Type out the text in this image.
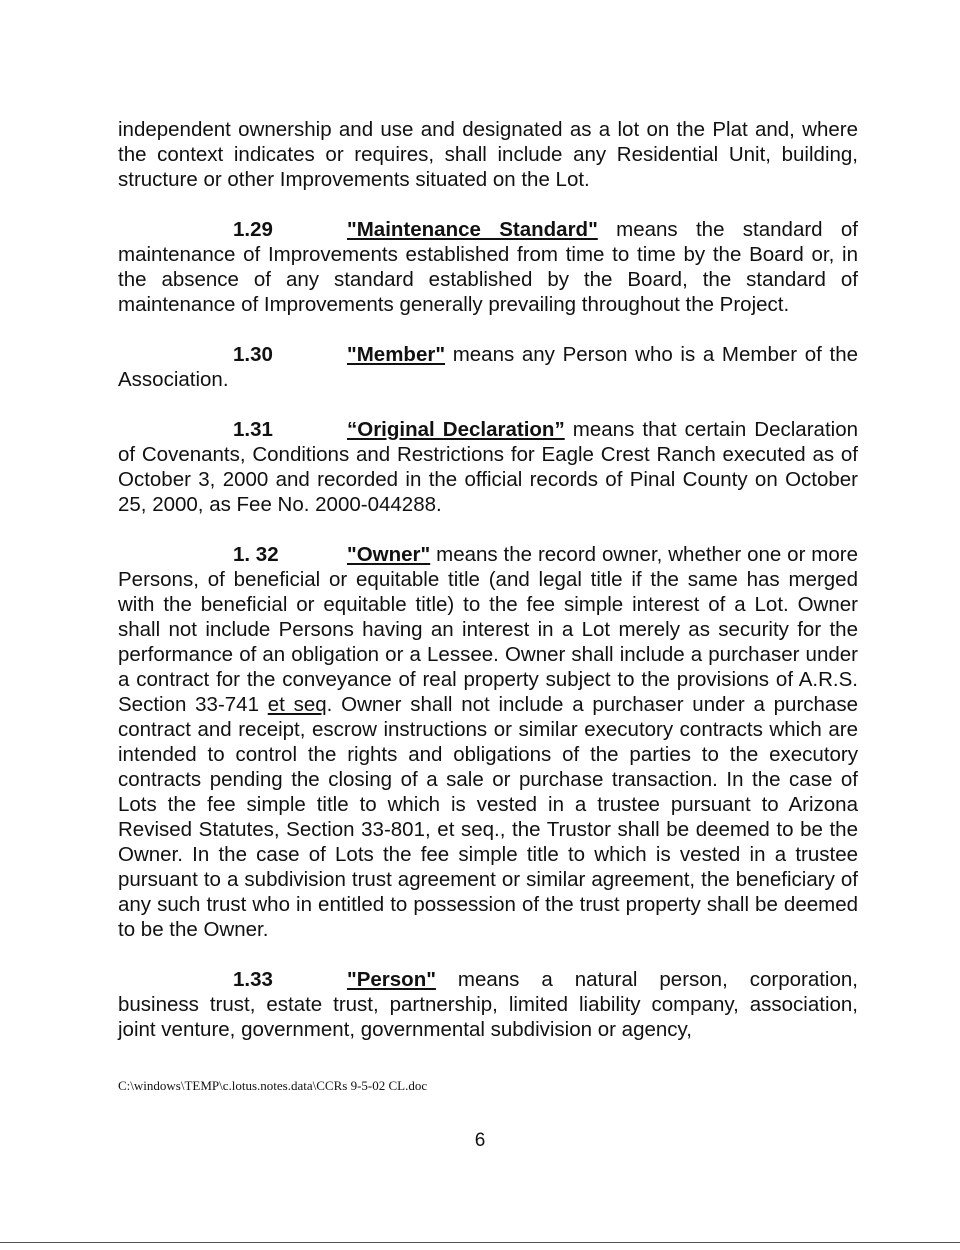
independent ownership and use and designated as a lot on the Plat and, where the context indicates or requires, shall include any Residential Unit, building, structure or other Improvements situated on the Lot.

1.29	"Maintenance Standard" means the standard of maintenance of Improvements established from time to time by the Board or, in the absence of any standard established by the Board, the standard of maintenance of Improvements generally prevailing throughout the Project.

1.30	"Member" means any Person who is a Member of the Association.

1.31	“Original Declaration” means that certain Declaration of Covenants, Conditions and Restrictions for Eagle Crest Ranch executed as of October 3, 2000 and recorded in the official records of Pinal County on October 25, 2000, as Fee No. 2000-044288.

1. 32	"Owner" means the record owner, whether one or more Persons, of beneficial or equitable title (and legal title if the same has merged with the beneficial or equitable title) to the fee simple interest of a Lot. Owner shall not include Persons having an interest in a Lot merely as security for the performance of an obligation or a Lessee. Owner shall include a purchaser under a contract for the conveyance of real property subject to the provisions of A.R.S. Section 33-741 et seq. Owner shall not include a purchaser under a purchase contract and receipt, escrow instructions or similar executory contracts which are intended to control the rights and obligations of the parties to the executory contracts pending the closing of a sale or purchase transaction. In the case of Lots the fee simple title to which is vested in a trustee pursuant to Arizona Revised Statutes, Section 33-801, et seq., the Trustor shall be deemed to be the Owner. In the case of Lots the fee simple title to which is vested in a trustee pursuant to a subdivision trust agreement or similar agreement, the beneficiary of any such trust who in entitled to possession of the trust property shall be deemed to be the Owner.

1.33	"Person" means a natural person, corporation, business trust, estate trust, partnership, limited liability company, association, joint venture, government, governmental subdivision or agency,

C:\windows\TEMP\c.lotus.notes.data\CCRs 9-5-02 CL.doc
6
